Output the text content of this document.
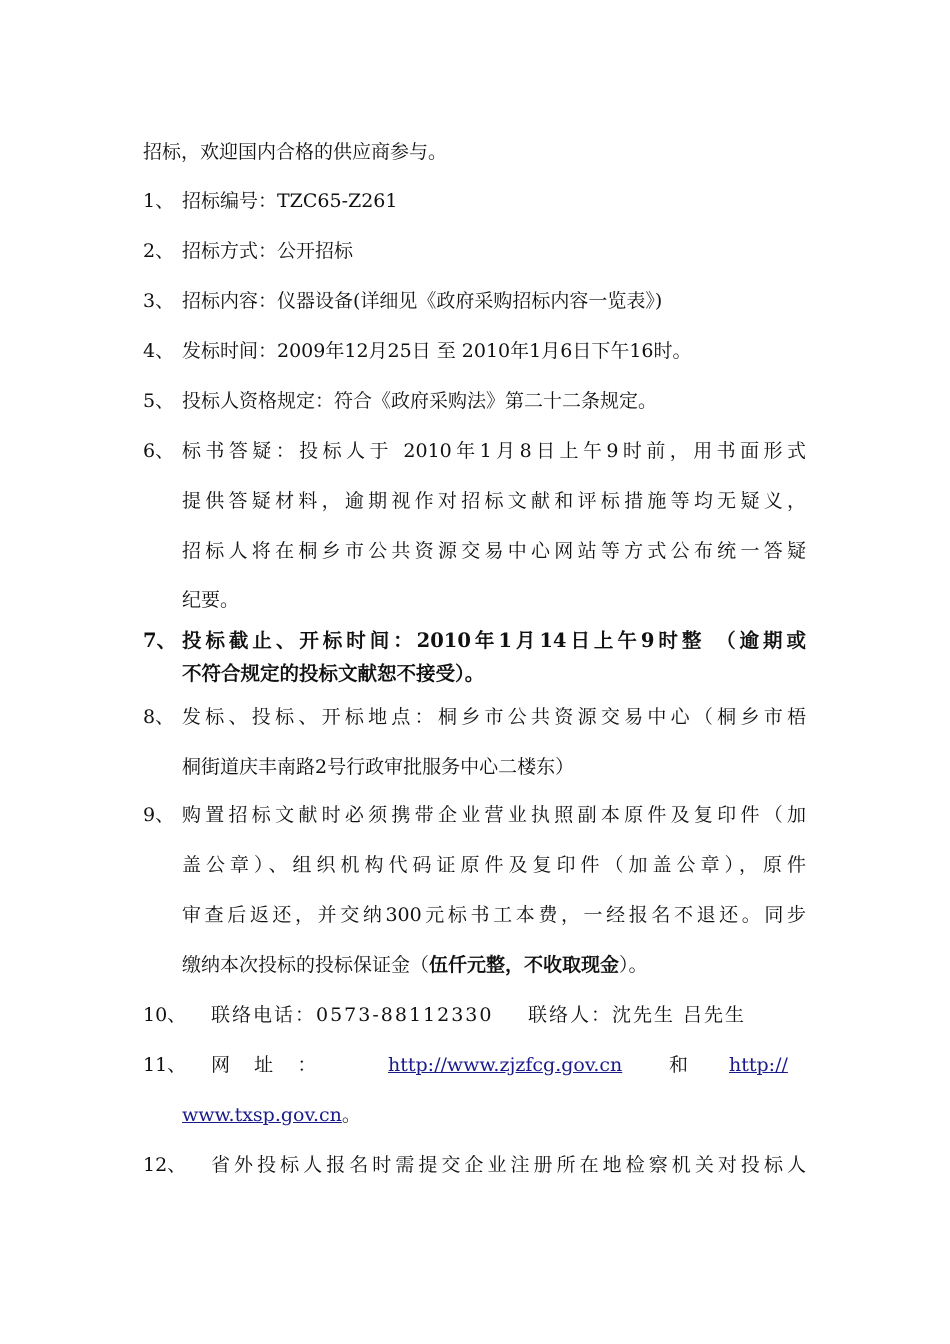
招标，欢迎国内合格的供应商参与。
1、 招标编号：TZC65-Z261
2、 招标方式：公开招标
3、 招标内容：仪器设备(详细见《政府采购招标内容一览表》)
4、 发标时间：2009年12月25日 至 2010年1月6日下午16时。
5、 投标人资格规定：符合《政府采购法》第二十二条规定。
6、 标书答疑：投标人于 2010年1月8日上午9时前，用书面形式
提供答疑材料，逾期视作对招标文献和评标措施等均无疑义，
招标人将在桐乡市公共资源交易中心网站等方式公布统一答疑
纪要。
7、 投标截止、开标时间：2010年1月14日上午9时整 （逾期或
不符合规定的投标文献恕不接受）。
8、 发标、投标、开标地点：桐乡市公共资源交易中心（桐乡市梧
桐街道庆丰南路2号行政审批服务中心二楼东）
9、 购置招标文献时必须携带企业营业执照副本原件及复印件（加
盖公章）、组织机构代码证原件及复印件（加盖公章），原件
审查后返还，并交纳300元标书工本费，一经报名不退还。同步
缴纳本次投标的投标保证金（伍仟元整，不收取现金）。
10、 联络电话：0573-88112330 联络人：沈先生 吕先生
11、 网    址    ：	http://www.zjzfcg.gov.cn	和 http://
www.txsp.gov.cn。
12、 省外投标人报名时需提交企业注册所在地检察机关对投标人
